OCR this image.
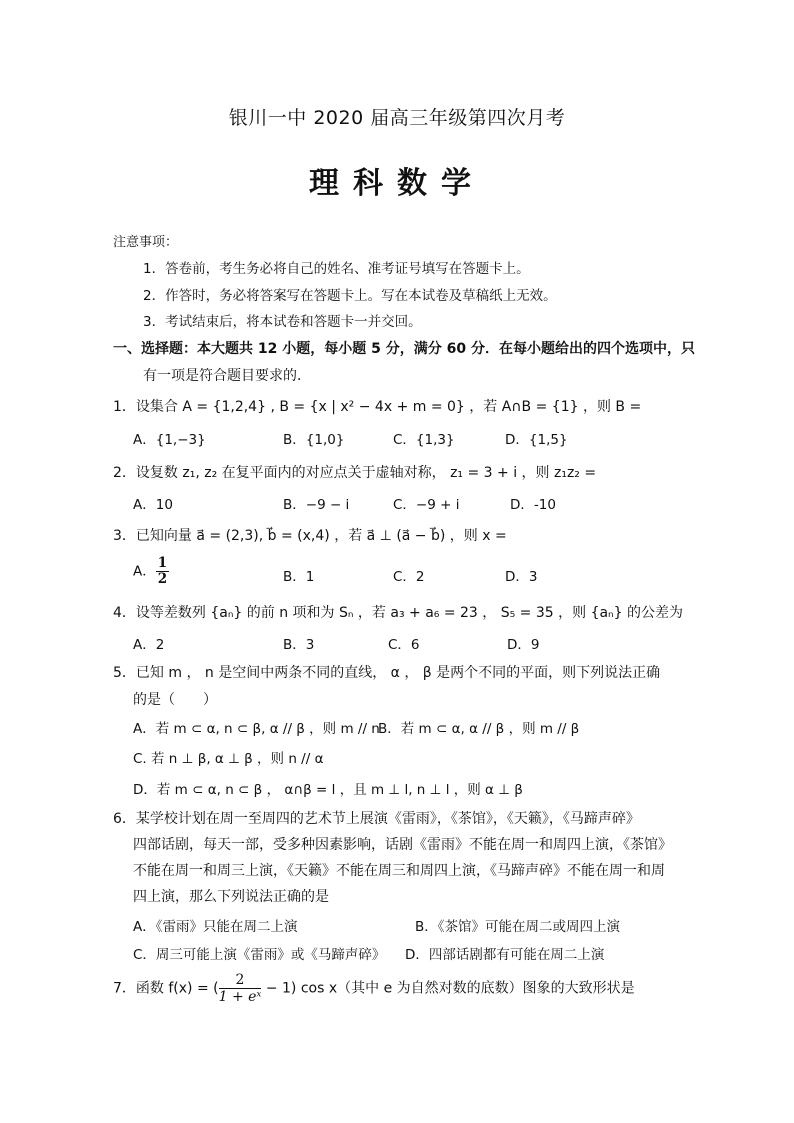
银川一中 2020 届高三年级第四次月考
理科数学
注意事项：
1．答卷前，考生务必将自己的姓名、准考证号填写在答题卡上。
2．作答时，务必将答案写在答题卡上。写在本试卷及草稿纸上无效。
3．考试结束后，将本试卷和答题卡一并交回。
一、选择题：本大题共 12 小题，每小题 5 分，满分 60 分．在每小题给出的四个选项中，只
有一项是符合题目要求的．
1．设集合 A = {1,2,4} , B = {x | x² − 4x + m = 0} ，若 A∩B = {1} ，则 B =
A．{1,−3}	B．{1,0}	C．{1,3}	D．{1,5}
2．设复数 z₁, z₂ 在复平面内的对应点关于虚轴对称， z₁ = 3 + i ，则 z₁z₂ =
A．10	B．−9 − i	C．−9 + i	D．-10
3．已知向量 a⃗ = (2,3), b⃗ = (x,4) ，若 a⃗ ⊥ (a⃗ − b⃗) ，则 x =
A． $\frac{1}{2}$	B．1	C．2	D．3
4．设等差数列 {aₙ} 的前 n 项和为 Sₙ ，若 a₃ + a₆ = 23 ， S₅ = 35 ，则 {aₙ} 的公差为
A．2	B．3	C．6	D．9
5．已知 m ， n 是空间中两条不同的直线， α ， β 是两个不同的平面，则下列说法正确
的是（　　）
A．若 m ⊂ α, n ⊂ β, α // β ，则 m // n
B．若 m ⊂ α, α // β ，则 m // β
C. 若 n ⊥ β, α ⊥ β ，则 n // α
D．若 m ⊂ α, n ⊂ β ， α∩β = l ，且 m ⊥ l, n ⊥ l ，则 α ⊥ β
6．某学校计划在周一至周四的艺术节上展演《雷雨》，《茶馆》，《天籁》，《马蹄声碎》
四部话剧，每天一部，受多种因素影响，话剧《雷雨》不能在周一和周四上演，《茶馆》
不能在周一和周三上演，《天籁》不能在周三和周四上演，《马蹄声碎》不能在周一和周
四上演，那么下列说法正确的是
A．《雷雨》只能在周二上演	B．《茶馆》可能在周二或周四上演
C．周三可能上演《雷雨》或《马蹄声碎》 D．四部话剧都有可能在周二上演
7．函数 f(x) = ( $\frac{2}{\text{1 + eˣ}} - 1$) cos x（其中 e 为自然对数的底数）图象的大致形状是
